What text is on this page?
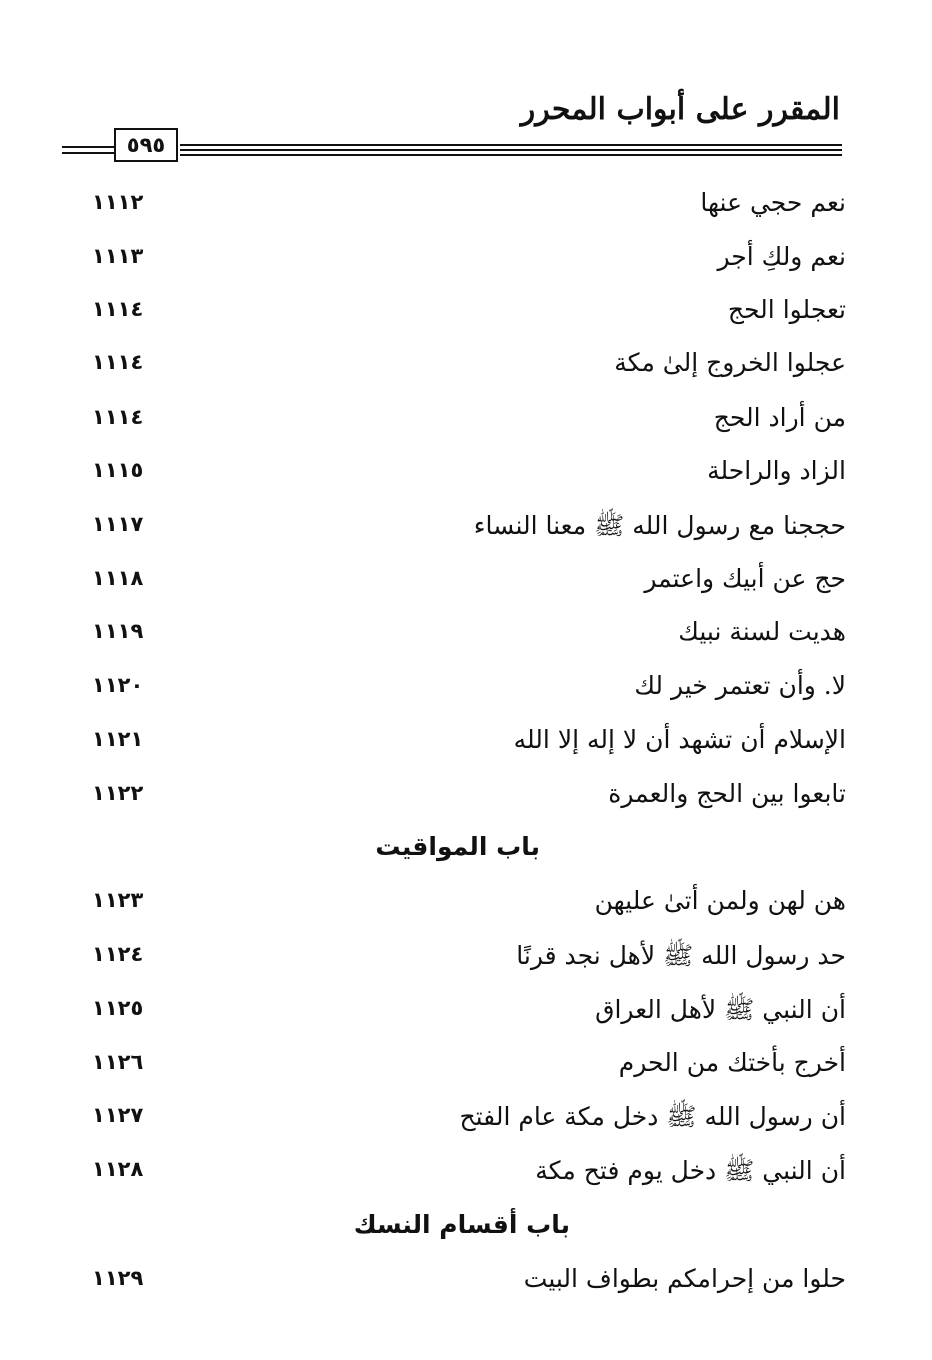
المقرر على أبواب المحرر
٥٩٥
نعم حجي عنها
١١١٢
نعم ولكِ أجر
١١١٣
تعجلوا الحج
١١١٤
عجلوا الخروج إلىٰ مكة
١١١٤
من أراد الحج
١١١٤
الزاد والراحلة
١١١٥
حججنا مع رسول الله ﷺ معنا النساء
١١١٧
حج عن أبيك واعتمر
١١١٨
هديت لسنة نبيك
١١١٩
لا. وأن تعتمر خير لك
١١٢٠
الإسلام أن تشهد أن لا إله إلا الله
١١٢١
تابعوا بين الحج والعمرة
١١٢٢
باب المواقيت
هن لهن ولمن أتىٰ عليهن
١١٢٣
حد رسول الله ﷺ لأهل نجد قرنًا
١١٢٤
أن النبي ﷺ لأهل العراق
١١٢٥
أخرج بأختك من الحرم
١١٢٦
أن رسول الله ﷺ دخل مكة عام الفتح
١١٢٧
أن النبي ﷺ دخل يوم فتح مكة
١١٢٨
باب أقسام النسك
حلوا من إحرامكم بطواف البيت
١١٢٩
